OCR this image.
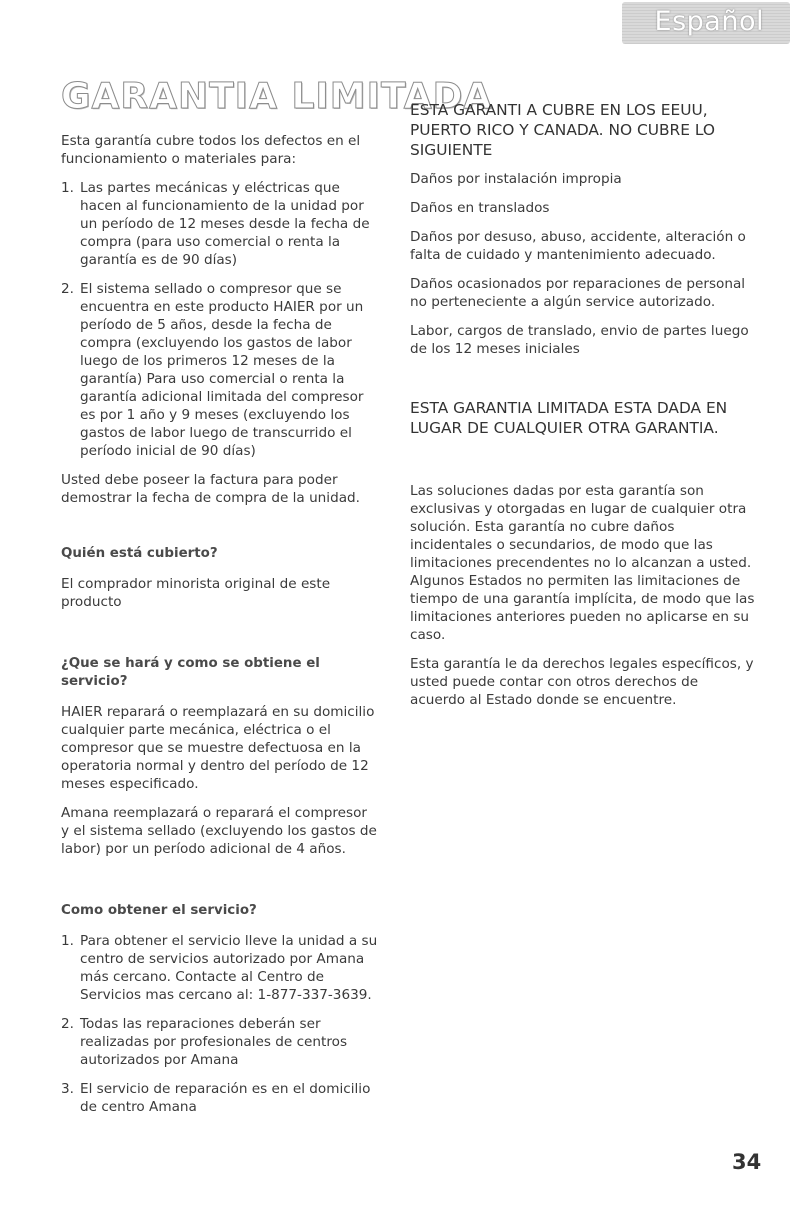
Español
GARANTIA LIMITADA

Esta garantía cubre todos los defectos en el funcionamiento o materiales para:

1. Las partes mecánicas y eléctricas que hacen al funcionamiento de la unidad por un período de 12 meses desde la fecha de compra (para uso comercial o renta la garantía es de 90 días)
2. El sistema sellado o compresor que se encuentra en este producto HAIER por un período de 5 años, desde la fecha de compra (excluyendo los gastos de labor luego de los primeros 12 meses de la garantía) Para uso comercial o renta la garantía adicional limitada del compresor es por 1 año y 9 meses (excluyendo los gastos de labor luego de transcurrido el período inicial de 90 días)

Usted debe poseer la factura para poder demostrar la fecha de compra de la unidad.

Quién está cubierto?

El comprador minorista original de este producto

¿Que se hará y como se obtiene el servicio?

HAIER reparará o reemplazará en su domicilio cualquier parte mecánica, eléctrica o el compresor que se muestre defectuosa en la operatoria normal y dentro del período de 12 meses especificado.

Amana reemplazará o reparará el compresor y el sistema sellado (excluyendo los gastos de labor) por un período adicional de 4 años.

Como obtener el servicio?

1. Para obtener el servicio lleve la unidad a su centro de servicios autorizado por Amana más cercano. Contacte al Centro de Servicios mas cercano al: 1-877-337-3639.
2. Todas las reparaciones deberán ser realizadas por profesionales de centros autorizados por Amana
3. El servicio de reparación es en el domicilio de centro Amana

ESTA GARANTI A CUBRE EN LOS EEUU, PUERTO RICO Y CANADA. NO CUBRE LO SIGUIENTE

Daños por instalación impropia

Daños en translados

Daños por desuso, abuso, accidente, alteración o falta de cuidado y mantenimiento adecuado.

Daños ocasionados por reparaciones de personal no perteneciente a algún service autorizado.

Labor, cargos de translado, envio de partes luego de los 12 meses iniciales

ESTA GARANTIA LIMITADA ESTA DADA EN LUGAR DE CUALQUIER OTRA GARANTIA.

Las soluciones dadas por esta garantía son exclusivas y otorgadas en lugar de cualquier otra solución. Esta garantía no cubre daños incidentales o secundarios, de modo que las limitaciones precendentes no lo alcanzan a usted. Algunos Estados no permiten las limitaciones de tiempo de una garantía implícita, de modo que las limitaciones anteriores pueden no aplicarse en su caso.

Esta garantía le da derechos legales específicos, y usted puede contar con otros derechos de acuerdo al Estado donde se encuentre.

34
